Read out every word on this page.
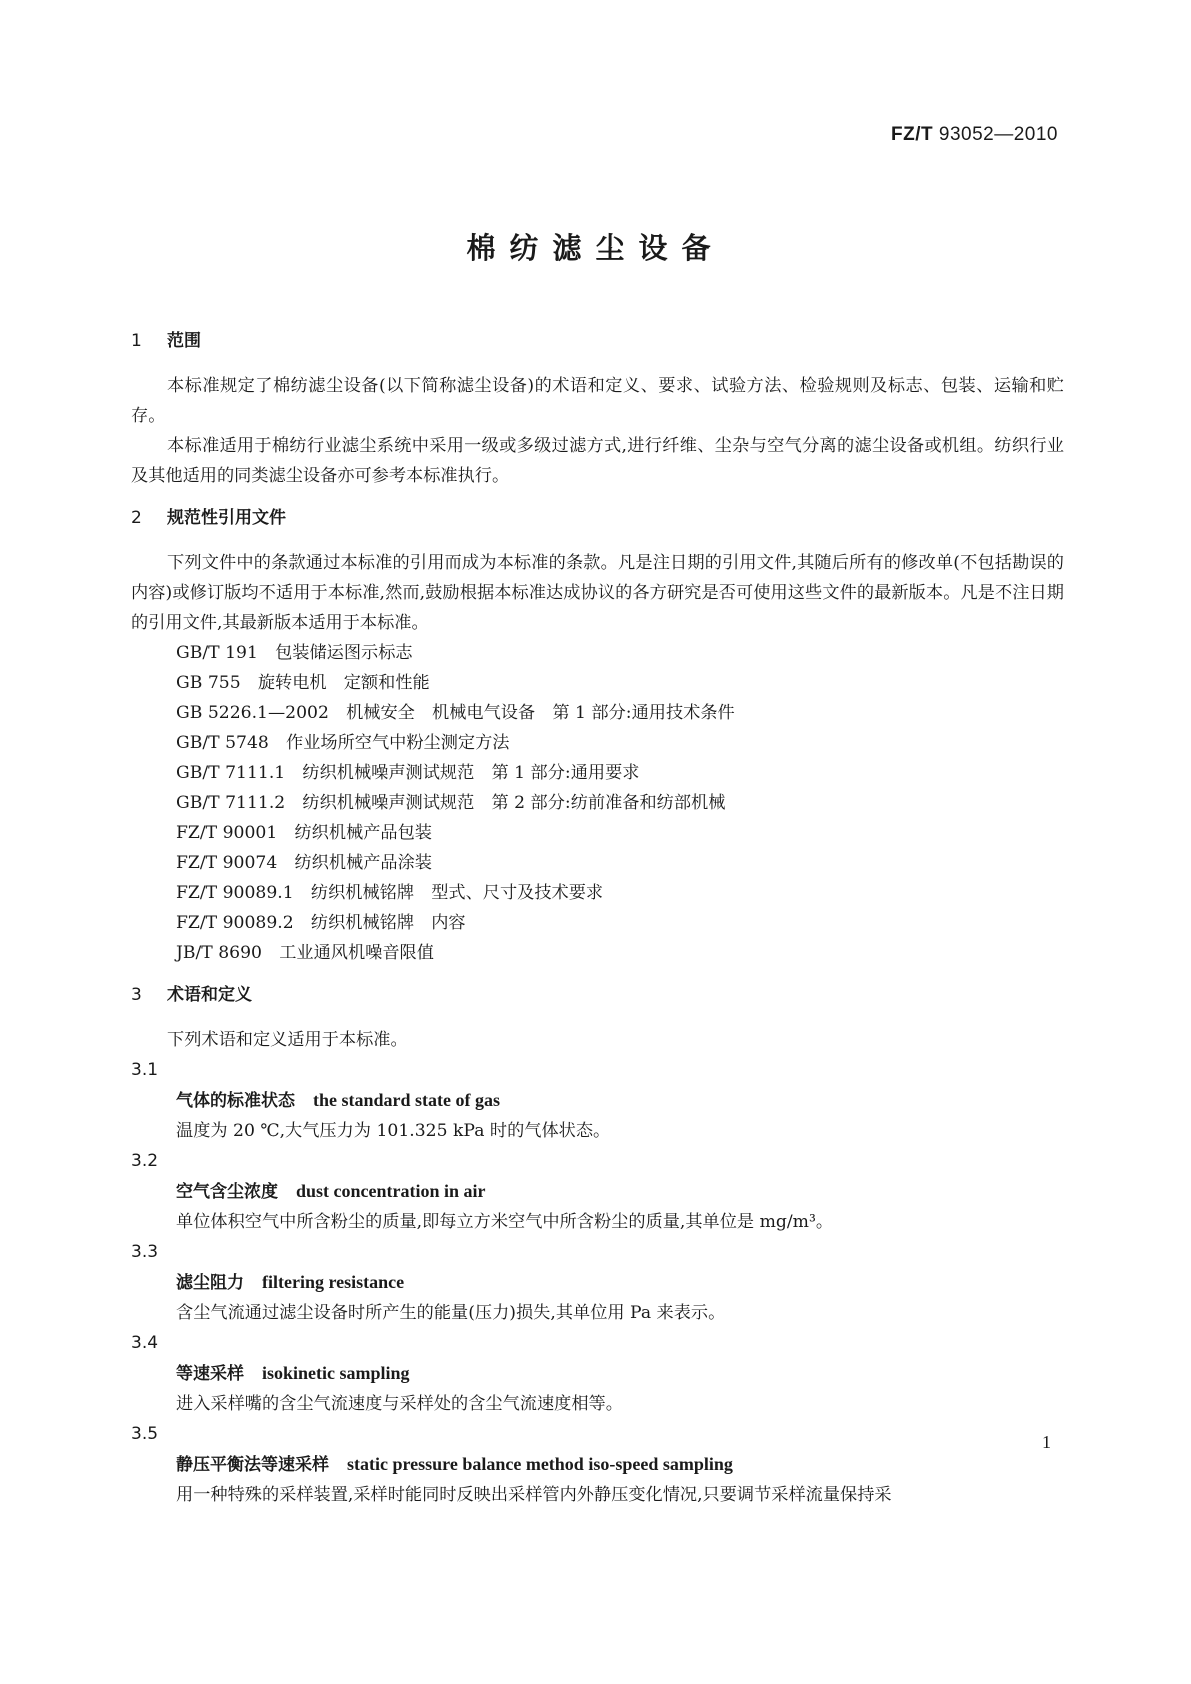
FZ/T 93052—2010
棉纺滤尘设备
1 范围

本标准规定了棉纺滤尘设备(以下简称滤尘设备)的术语和定义、要求、试验方法、检验规则及标志、包装、运输和贮存。

本标准适用于棉纺行业滤尘系统中采用一级或多级过滤方式,进行纤维、尘杂与空气分离的滤尘设备或机组。纺织行业及其他适用的同类滤尘设备亦可参考本标准执行。

2 规范性引用文件

下列文件中的条款通过本标准的引用而成为本标准的条款。凡是注日期的引用文件,其随后所有的修改单(不包括勘误的内容)或修订版均不适用于本标准,然而,鼓励根据本标准达成协议的各方研究是否可使用这些文件的最新版本。凡是不注日期的引用文件,其最新版本适用于本标准。

GB/T 191　 包装储运图示标志
GB 755　 旋转电机　定额和性能
GB 5226.1—2002　 机械安全　机械电气设备　第 1 部分:通用技术条件
GB/T 5748　 作业场所空气中粉尘测定方法
GB/T 7111.1　 纺织机械噪声测试规范　第 1 部分:通用要求
GB/T 7111.2　 纺织机械噪声测试规范　第 2 部分:纺前准备和纺部机械
FZ/T 90001　 纺织机械产品包装
FZ/T 90074　 纺织机械产品涂装
FZ/T 90089.1　 纺织机械铭牌　型式、尺寸及技术要求
FZ/T 90089.2　 纺织机械铭牌　内容
JB/T 8690　 工业通风机噪音限值
3 术语和定义

下列术语和定义适用于本标准。

3.1
气体的标准状态 the standard state of gas
温度为 20 ℃,大气压力为 101.325 kPa 时的气体状态。
3.2
空气含尘浓度 dust concentration in air
单位体积空气中所含粉尘的质量,即每立方米空气中所含粉尘的质量,其单位是 mg/m³。
3.3
滤尘阻力 filtering resistance
含尘气流通过滤尘设备时所产生的能量(压力)损失,其单位用 Pa 来表示。
3.4
等速采样 isokinetic sampling
进入采样嘴的含尘气流速度与采样处的含尘气流速度相等。
3.5
静压平衡法等速采样 static pressure balance method iso-speed sampling
用一种特殊的采样装置,采样时能同时反映出采样管内外静压变化情况,只要调节采样流量保持采
1
